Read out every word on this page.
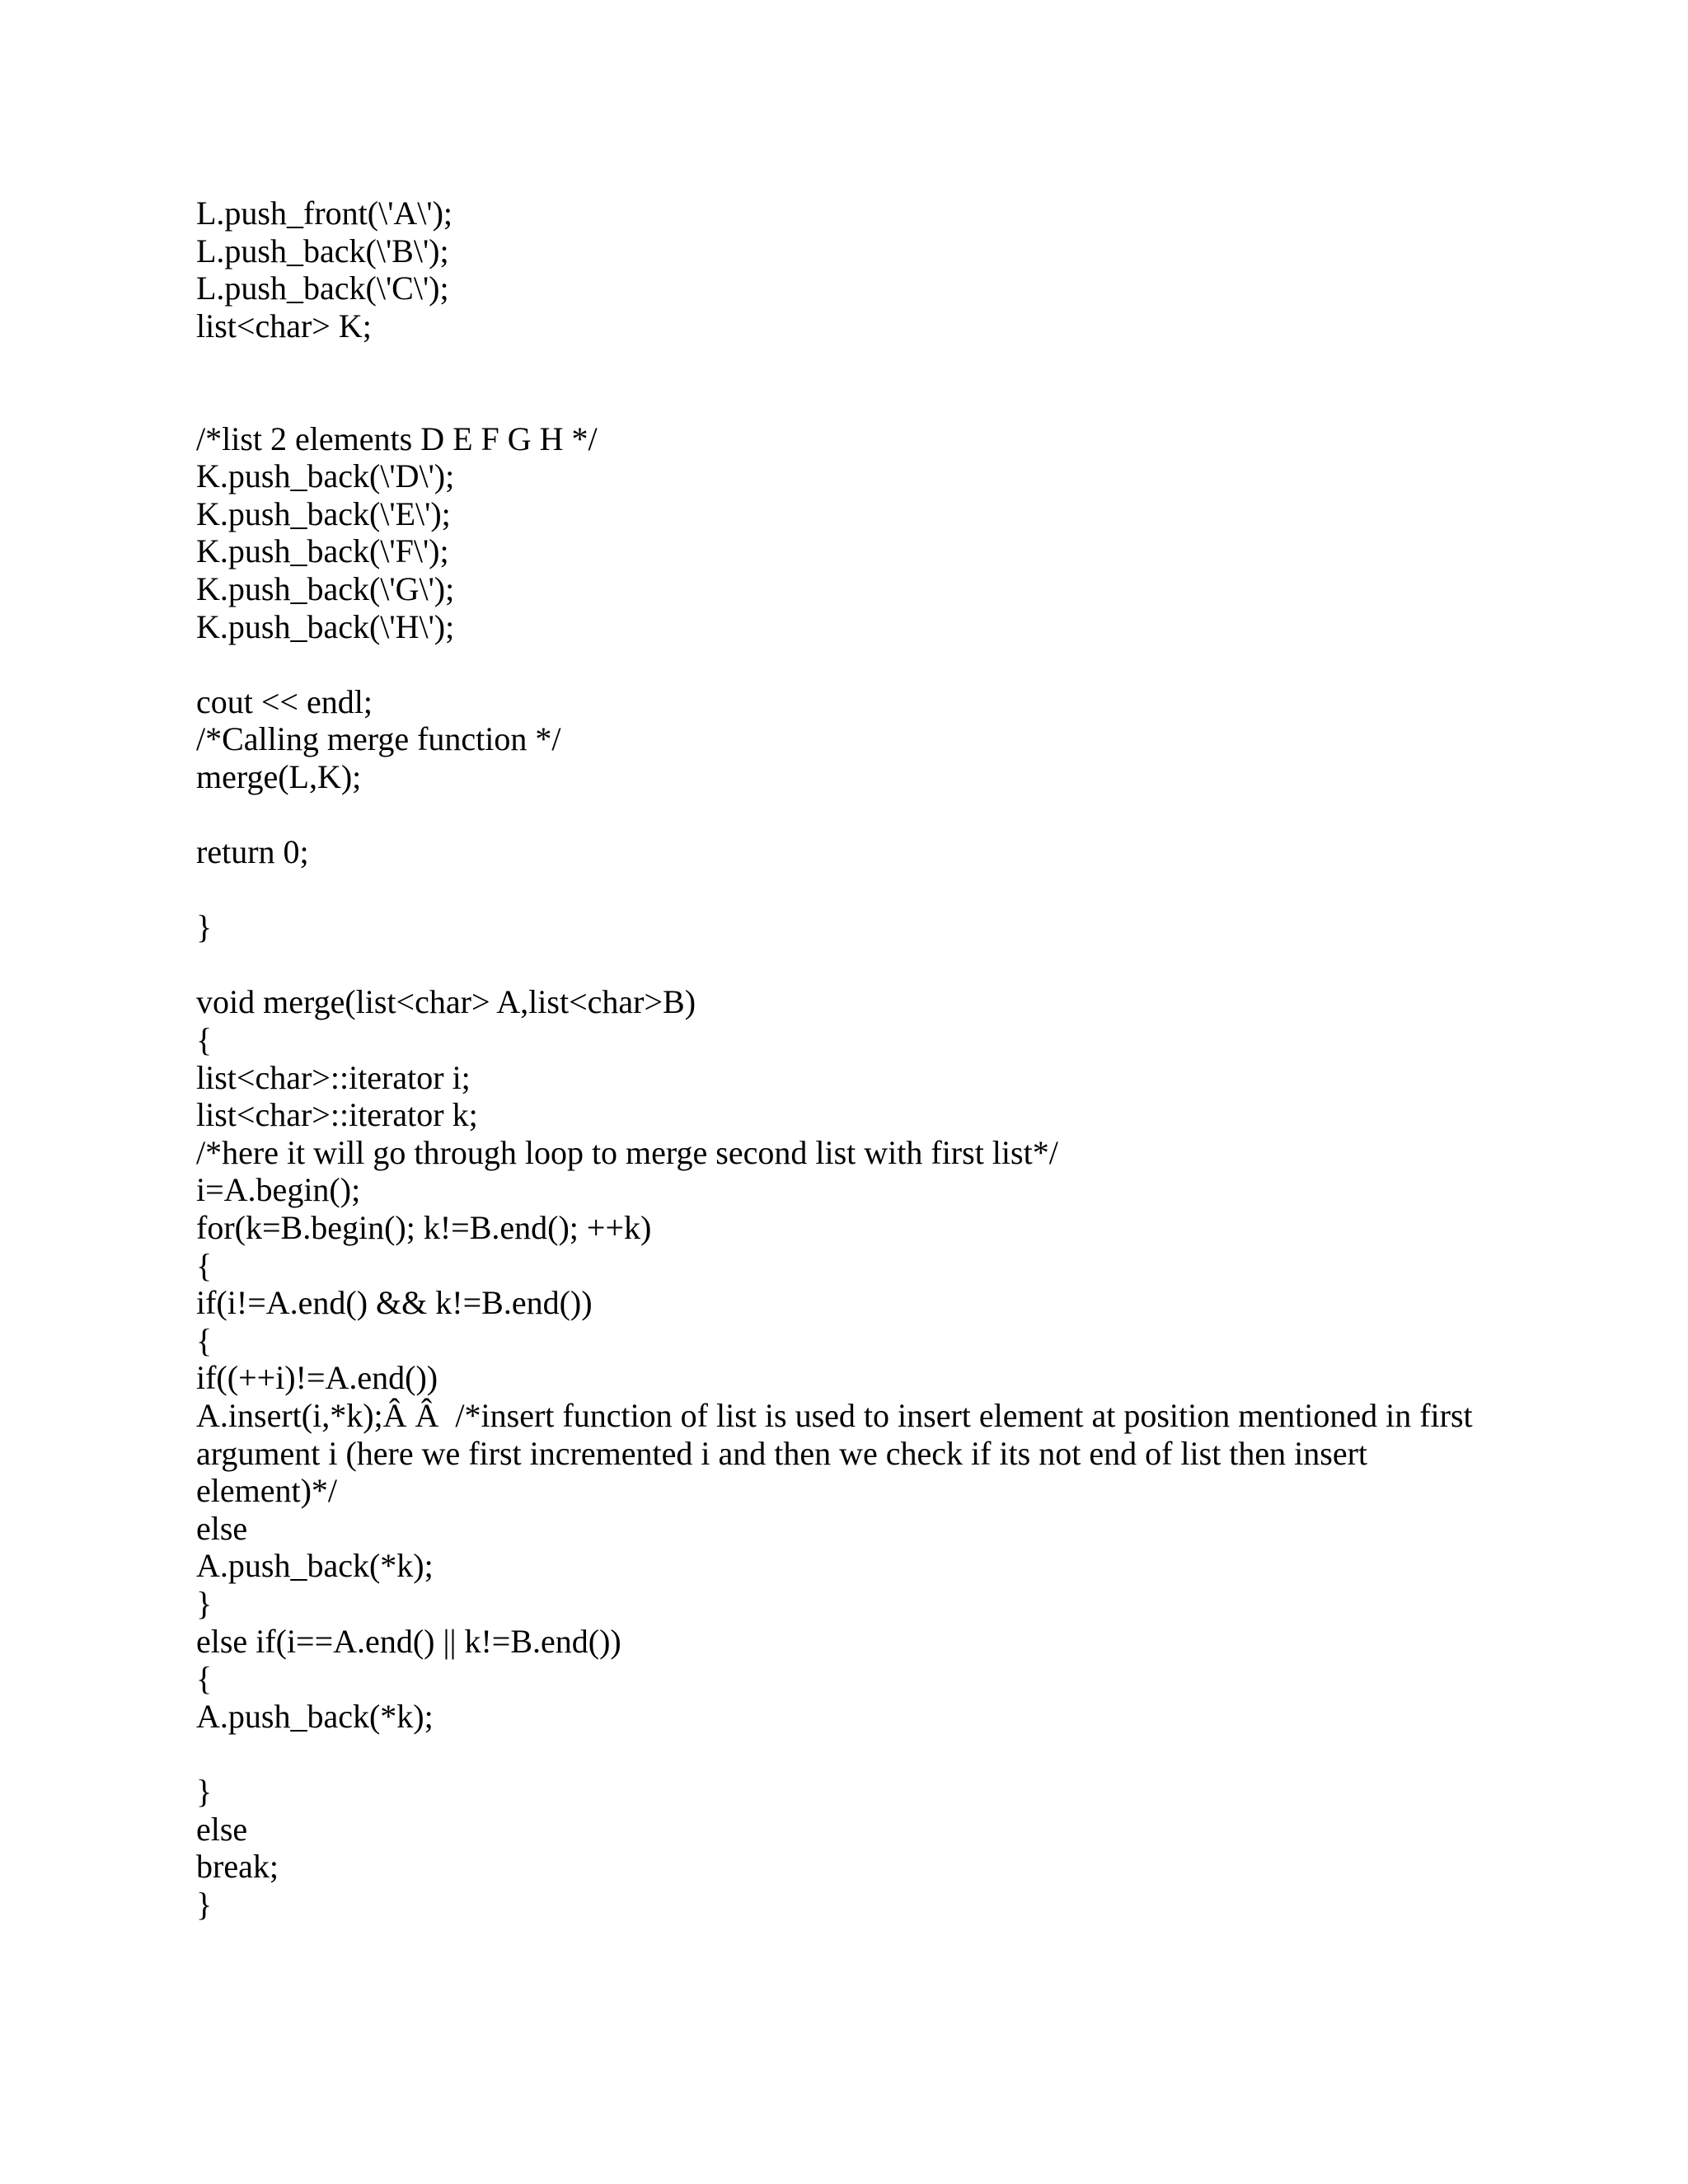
L.push_front(\'A\');
L.push_back(\'B\');
L.push_back(\'C\');
list<char> K;
/*list 2 elements D E F G H */
K.push_back(\'D\');
K.push_back(\'E\');
K.push_back(\'F\');
K.push_back(\'G\');
K.push_back(\'H\');
cout << endl;
/*Calling merge function */
merge(L,K);
return 0;
}
void merge(list<char> A,list<char>B)
{
list<char>::iterator i;
list<char>::iterator k;
/*here it will go through loop to merge second list with first list*/
i=A.begin();
for(k=B.begin(); k!=B.end(); ++k)
{
if(i!=A.end() && k!=B.end())
{
if((++i)!=A.end())
A.insert(i,*k);Â Â  /*insert function of list is used to insert element at position mentioned in first
argument i (here we first incremented i and then we check if its not end of list then insert
element)*/
else
A.push_back(*k);
}
else if(i==A.end() || k!=B.end())
{
A.push_back(*k);
}
else
break;
}
